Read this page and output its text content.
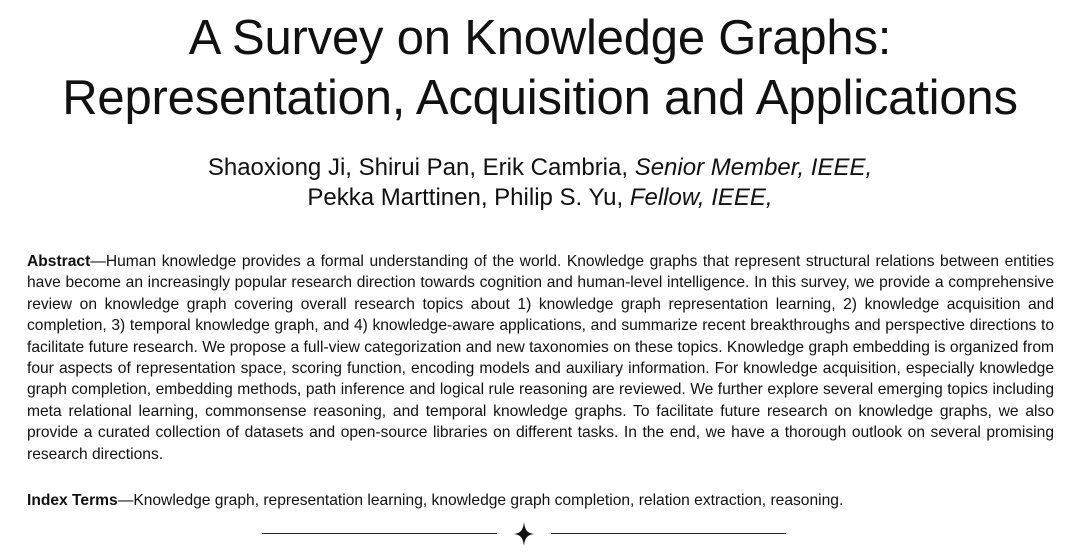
A Survey on Knowledge Graphs:
Representation, Acquisition and Applications
Shaoxiong Ji, Shirui Pan, Erik Cambria, Senior Member, IEEE,
Pekka Marttinen, Philip S. Yu, Fellow, IEEE,

Abstract—Human knowledge provides a formal understanding of the world. Knowledge graphs that represent structural relations between entities have become an increasingly popular research direction towards cognition and human-level intelligence. In this survey, we provide a comprehensive review on knowledge graph covering overall research topics about 1) knowledge graph representation learning, 2) knowledge acquisition and completion, 3) temporal knowledge graph, and 4) knowledge-aware applications, and summarize recent breakthroughs and perspective directions to facilitate future research. We propose a full-view categorization and new taxonomies on these topics. Knowledge graph embedding is organized from four aspects of representation space, scoring function, encoding models and auxiliary information. For knowledge acquisition, especially knowledge graph completion, embedding methods, path inference and logical rule reasoning are reviewed. We further explore several emerging topics including meta relational learning, commonsense reasoning, and temporal knowledge graphs. To facilitate future research on knowledge graphs, we also provide a curated collection of datasets and open-source libraries on different tasks. In the end, we have a thorough outlook on several promising research directions.

Index Terms—Knowledge graph, representation learning, knowledge graph completion, relation extraction, reasoning.
